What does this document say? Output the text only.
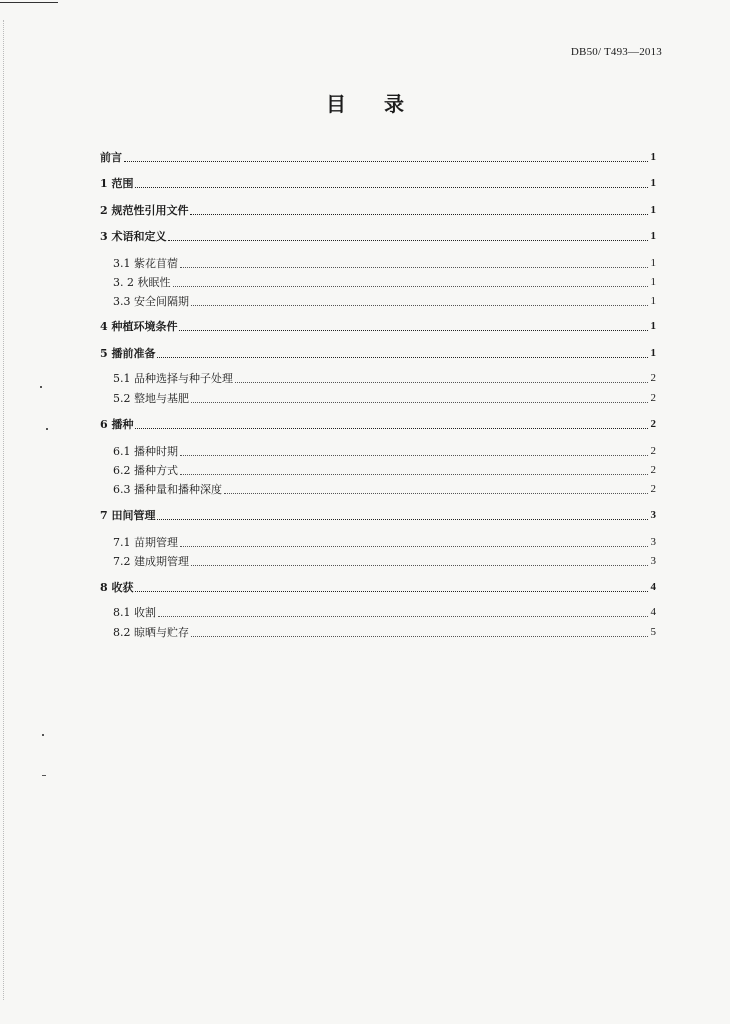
DB50/ T493—2013
目录
前言	1
1 范围	1
2 规范性引用文件	1
3 术语和定义	1
3.1 紫花苜蓿	1
3. 2 秋眠性	1
3.3 安全间隔期	1
4 种植环境条件	1
5 播前准备	1
5.1 品种选择与种子处理	2
5.2 整地与基肥	2
6 播种	2
6.1 播种时期	2
6.2 播种方式	2
6.3 播种量和播种深度	2
7 田间管理	3
7.1 苗期管理	3
7.2 建成期管理	3
8 收获	4
8.1 收割	4
8.2 晾晒与贮存	5
